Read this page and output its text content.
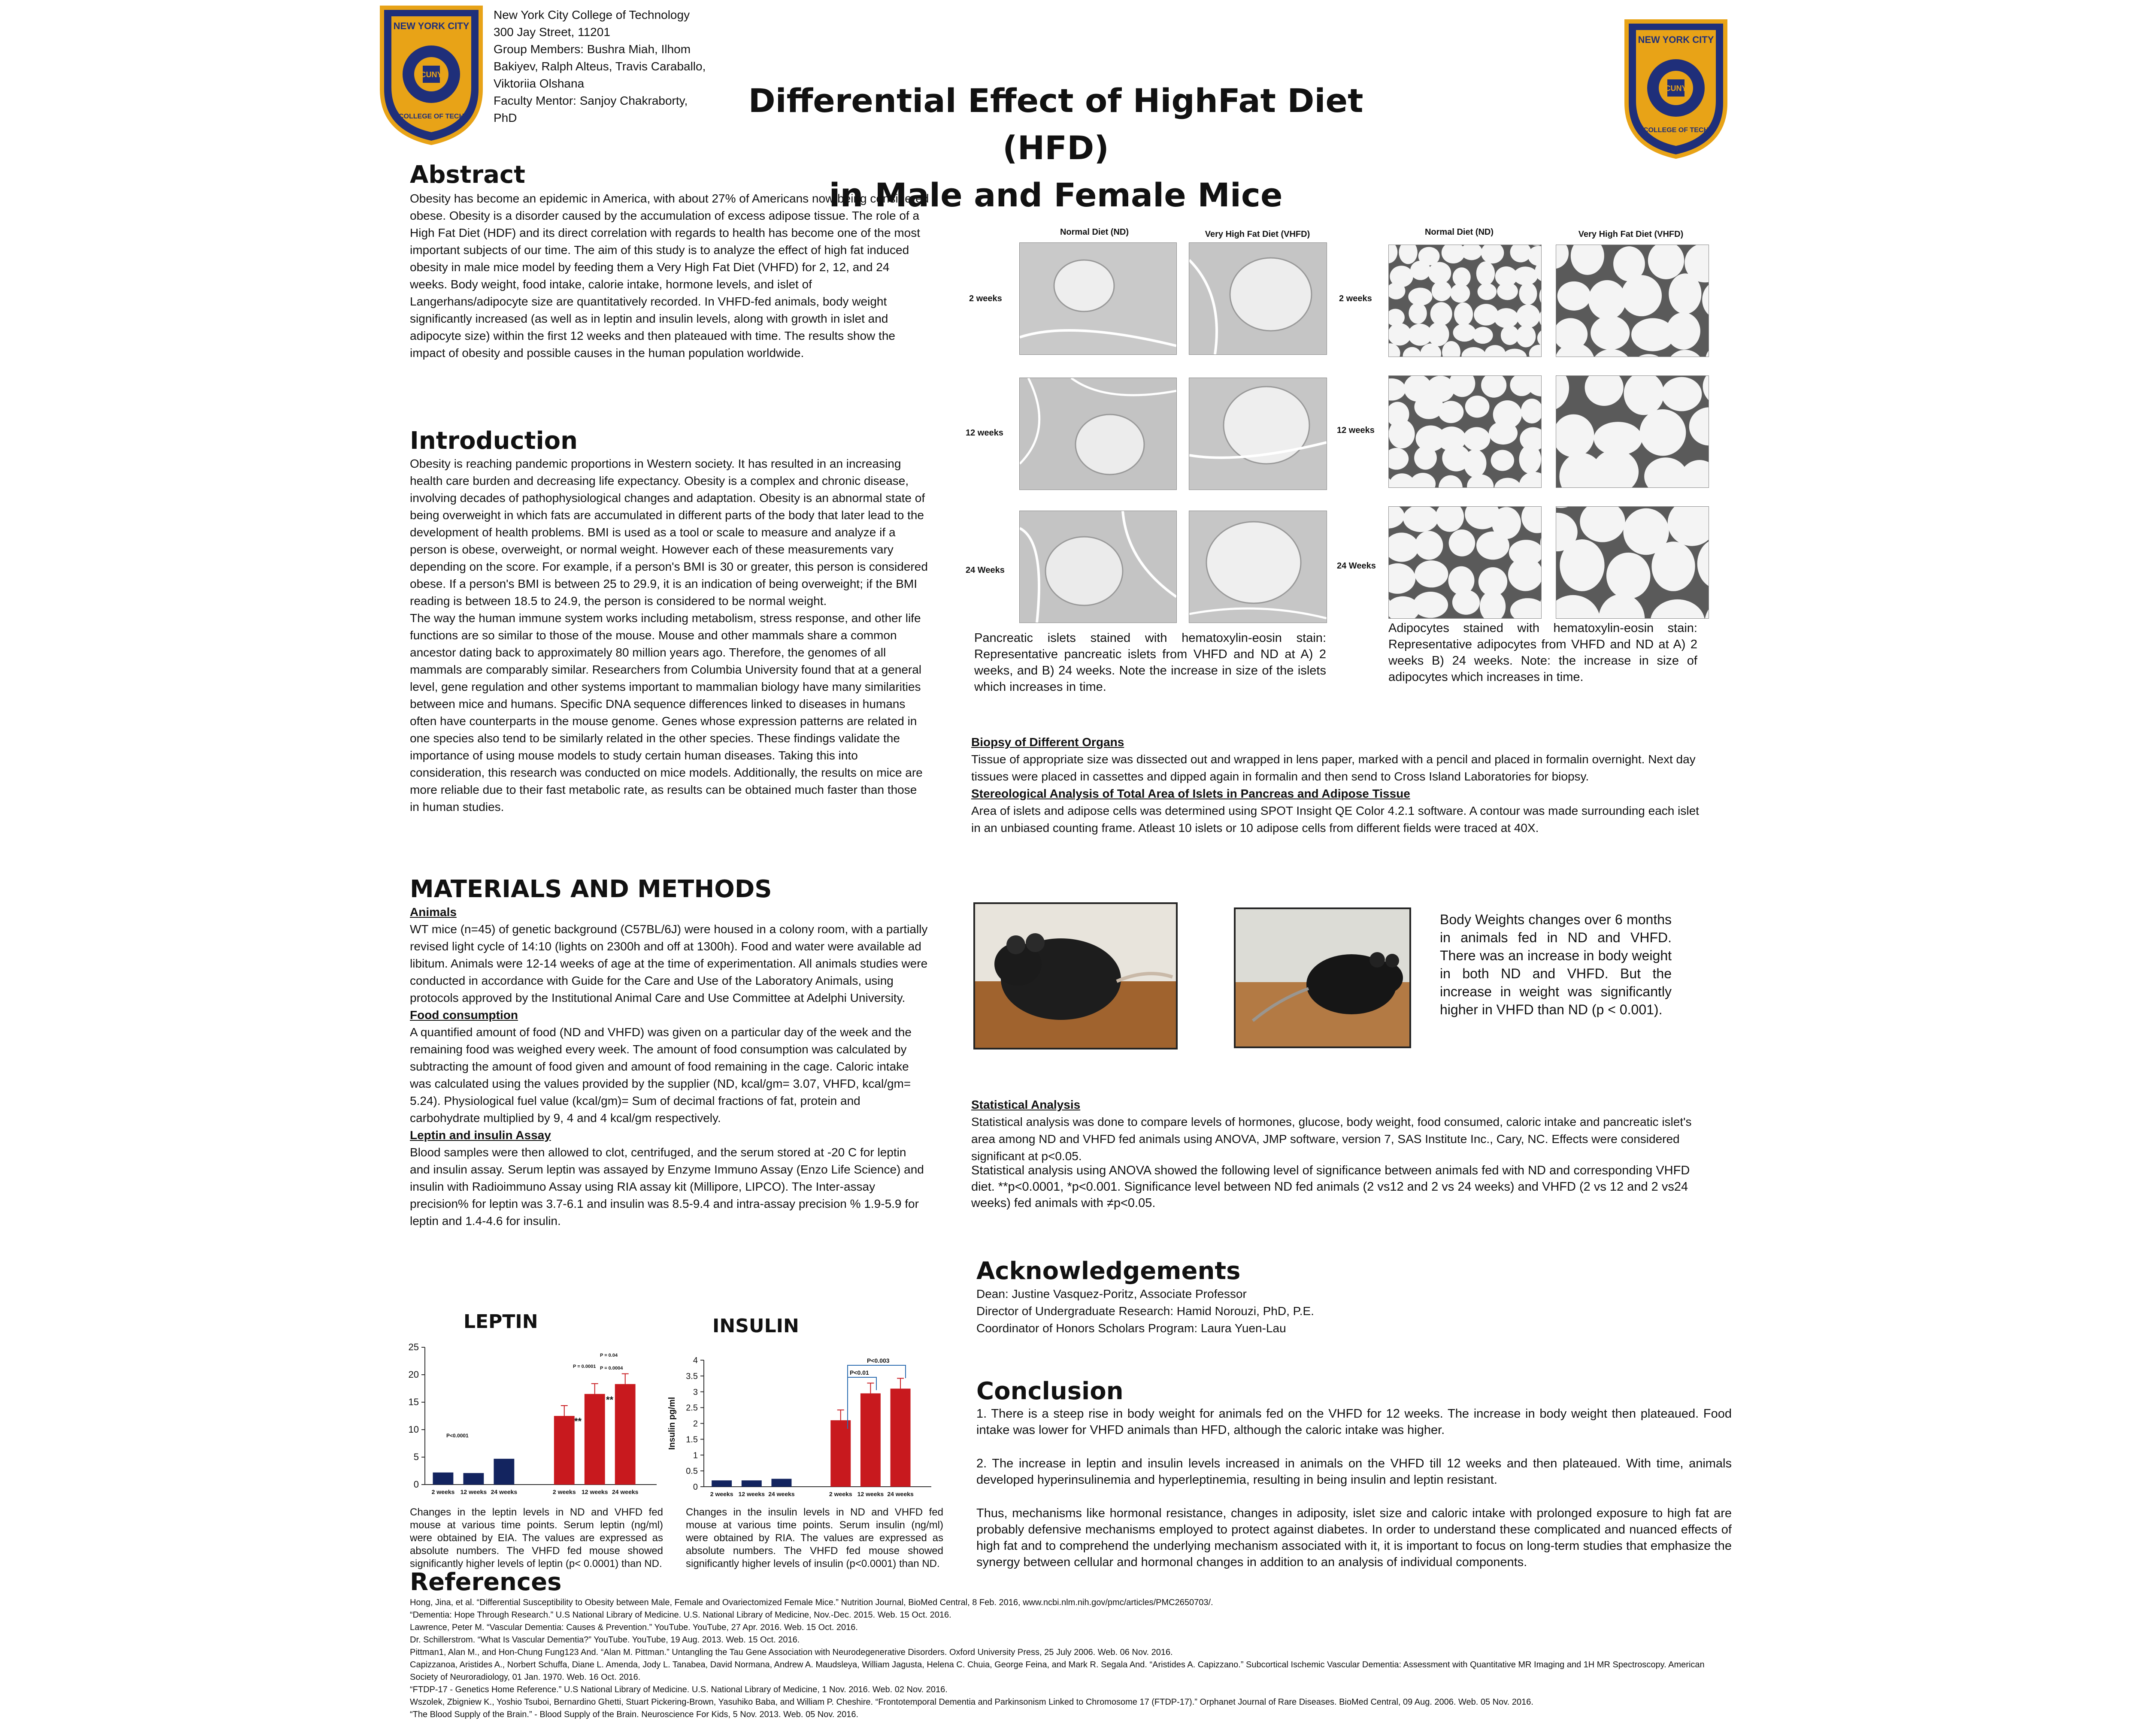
CUNY
NEW YORK CITY
COLLEGE OF TECH
New York City College of Technology
300 Jay Street, 11201
Group Members: Bushra Miah, Ilhom
Bakiyev, Ralph Alteus, Travis Caraballo,
Viktoriia Olshana
Faculty Mentor: Sanjoy Chakraborty, PhD	Differential Effect of HighFat Diet (HFD)
in Male and Female Mice
CUNY
NEW YORK CITY
COLLEGE OF TECH
Abstract
Obesity has become an epidemic in America, with about 27% of Americans now being considered obese. Obesity is a disorder caused by the accumulation of excess adipose tissue. The role of a High Fat Diet (HDF) and its direct correlation with regards to health has become one of the most important subjects of our time. The aim of this study is to analyze the effect of high fat induced obesity in male mice model by feeding them a Very High Fat Diet (VHFD) for 2, 12, and 24 weeks. Body weight, food intake, calorie intake, hormone levels, and islet of Langerhans/adipocyte size are quantitatively recorded. In VHFD-fed animals, body weight significantly increased (as well as in leptin and insulin levels, along with growth in islet and adipocyte size) within the first 12 weeks and then plateaued with time. The results show the impact of obesity and possible causes in the human population worldwide.
Introduction
Obesity is reaching pandemic proportions in Western society. It has resulted in an increasing health care burden and decreasing life expectancy. Obesity is a complex and chronic disease, involving decades of pathophysiological changes and adaptation. Obesity is an abnormal state of being overweight in which fats are accumulated in different parts of the body that later lead to the development of health problems. BMI is used as a tool or scale to measure and analyze if a person is obese, overweight, or normal weight. However each of these measurements vary depending on the score. For example, if a person's BMI is 30 or greater, this person is considered obese. If a person's BMI is between 25 to 29.9, it is an indication of being overweight; if the BMI reading is between 18.5 to 24.9, the person is considered to be normal weight.
The way the human immune system works including metabolism, stress response, and other life functions are so similar to those of the mouse. Mouse and other mammals share a common ancestor dating back to approximately 80 million years ago. Therefore, the genomes of all mammals are comparably similar. Researchers from Columbia University found that at a general level, gene regulation and other systems important to mammalian biology have many similarities between mice and humans. Specific DNA sequence differences linked to diseases in humans often have counterparts in the mouse genome. Genes whose expression patterns are related in one species also tend to be similarly related in the other species. These findings validate the importance of using mouse models to study certain human diseases. Taking this into consideration, this research was conducted on mice models. Additionally, the results on mice are more reliable due to their fast metabolic rate, as results can be obtained much faster than those in human studies.
MATERIALS AND METHODS
Animals
WT mice (n=45) of genetic background (C57BL/6J) were housed in a colony room, with a partially revised light cycle of 14:10 (lights on 2300h and off at 1300h). Food and water were available ad libitum. Animals were 12-14 weeks of age at the time of experimentation. All animals studies were conducted in accordance with Guide for the Care and Use of the Laboratory Animals, using protocols approved by the Institutional Animal Care and Use Committee at Adelphi University.
Food consumption
A quantified amount of food (ND and VHFD) was given on a particular day of the week and the remaining food was weighed every week. The amount of food consumption was calculated by subtracting the amount of food given and amount of food remaining in the cage. Caloric intake was calculated using the values provided by the supplier (ND, kcal/gm= 3.07, VHFD, kcal/gm= 5.24). Physiological fuel value (kcal/gm)= Sum of decimal fractions of fat, protein and carbohydrate multiplied by 9, 4 and 4 kcal/gm respectively.
Leptin and insulin Assay
Blood samples were then allowed to clot, centrifuged, and the serum stored at -20 C for leptin and insulin assay. Serum leptin was assayed by Enzyme Immuno Assay (Enzo Life Science) and insulin with Radioimmuno Assay using RIA assay kit (Millipore, LIPCO). The Inter-assay precision% for leptin was 3.7-6.1 and insulin was 8.5-9.4 and intra-assay precision % 1.9-5.9 for leptin and 1.4-4.6 for insulin.
LEPTIN	INSULIN
0
5
10
15
20
25
2 weeks 12 weeks 24 weeks	2 weeks 12 weeks 24 weeks
P<0.0001
**
**
P = 0.0001 P = 0.0004
P = 0.04
0
0.5
1
1.5
2
2.5
3
3.5
4
Insulin pg/ml
2 weeks 12 weeks 24 weeks	2 weeks 12 weeks 24 weeks
P<0.003
P<0.01
Changes in the leptin levels in ND and VHFD fed mouse at various time points. Serum leptin (ng/ml) were obtained by EIA. The values are expressed as absolute numbers. The VHFD fed mouse showed significantly higher levels of leptin (p< 0.0001) than ND.
Changes in the insulin levels in ND and VHFD fed mouse at various time points. Serum insulin (ng/ml) were obtained by RIA. The values are expressed as absolute numbers. The VHFD fed mouse showed significantly higher levels of insulin (p<0.0001) than ND.
References
Hong, Jina, et al. “Differential Susceptibility to Obesity between Male, Female and Ovariectomized Female Mice.” Nutrition Journal, BioMed Central, 8 Feb. 2016, www.ncbi.nlm.nih.gov/pmc/articles/PMC2650703/.
“Dementia: Hope Through Research.” U.S National Library of Medicine. U.S. National Library of Medicine, Nov.-Dec. 2015. Web. 15 Oct. 2016.
Lawrence, Peter M. “Vascular Dementia: Causes & Prevention.” YouTube. YouTube, 27 Apr. 2016. Web. 15 Oct. 2016.
Dr. Schillerstrom. “What Is Vascular Dementia?” YouTube. YouTube, 19 Aug. 2013. Web. 15 Oct. 2016.
Pittman1, Alan M., and Hon-Chung Fung123 And. “Alan M. Pittman.” Untangling the Tau Gene Association with Neurodegenerative Disorders. Oxford University Press, 25 July 2006. Web. 06 Nov. 2016.
Capizzanoa, Aristides A., Norbert Schuffa, Diane L. Amenda, Jody L. Tanabea, David Normana, Andrew A. Maudsleya, William Jagusta, Helena C. Chuia, George Feina, and Mark R. Segala And. “Aristides A. Capizzano.” Subcortical Ischemic Vascular Dementia: Assessment with Quantitative MR Imaging and 1H MR Spectroscopy. American Society of Neuroradiology, 01 Jan. 1970. Web. 16 Oct. 2016.
“FTDP-17 - Genetics Home Reference.” U.S National Library of Medicine. U.S. National Library of Medicine, 1 Nov. 2016. Web. 02 Nov. 2016.
Wszolek, Zbigniew K., Yoshio Tsuboi, Bernardino Ghetti, Stuart Pickering-Brown, Yasuhiko Baba, and William P. Cheshire. “Frontotemporal Dementia and Parkinsonism Linked to Chromosome 17 (FTDP-17).” Orphanet Journal of Rare Diseases. BioMed Central, 09 Aug. 2006. Web. 05 Nov. 2016.
“The Blood Supply of the Brain.” - Blood Supply of the Brain. Neuroscience For Kids, 5 Nov. 2013. Web. 05 Nov. 2016.
Normal Diet (ND)	Very High Fat Diet (VHFD)	Normal Diet (ND)	Very High Fat Diet (VHFD)
2 weeks
12 weeks
24 Weeks
2 weeks
12 weeks
24 Weeks
Pancreatic islets stained with hematoxylin-eosin stain: Representative pancreatic islets from VHFD and ND at A) 2 weeks, and B) 24 weeks. Note the increase in size of the islets which increases in time.
Adipocytes stained with hematoxylin-eosin stain: Representative adipocytes from VHFD and ND at A) 2 weeks B) 24 weeks. Note: the increase in size of adipocytes which increases in time.
Biopsy of Different Organs
Tissue of appropriate size was dissected out and wrapped in lens paper, marked with a pencil and placed in formalin overnight. Next day tissues were placed in cassettes and dipped again in formalin and then send to Cross Island Laboratories for biopsy.
Stereological Analysis of Total Area of Islets in Pancreas and Adipose Tissue
Area of islets and adipose cells was determined using SPOT Insight QE Color 4.2.1 software. A contour was made surrounding each islet in an unbiased counting frame. Atleast 10 islets or 10 adipose cells from different fields were traced at 40X.
Body Weights changes over 6 months in animals fed in ND and VHFD. There was an increase in body weight in both ND and VHFD. But the increase in weight was significantly higher in VHFD than ND (p < 0.001).
Statistical Analysis
Statistical analysis was done to compare levels of hormones, glucose, body weight, food consumed, caloric intake and pancreatic islet's area among ND and VHFD fed animals using ANOVA, JMP software, version 7, SAS Institute Inc., Cary, NC. Effects were considered significant at p<0.05.
Statistical analysis using ANOVA showed the following level of significance between animals fed with ND and corresponding VHFD diet. **p<0.0001, *p<0.001. Significance level between ND fed animals (2 vs12 and 2 vs 24 weeks) and VHFD (2 vs 12 and 2 vs24 weeks) fed animals with ≠p<0.05.
Acknowledgements
Dean: Justine Vasquez-Poritz, Associate Professor
Director of Undergraduate Research: Hamid Norouzi, PhD, P.E.
Coordinator of Honors Scholars Program: Laura Yuen-Lau
Conclusion
1. There is a steep rise in body weight for animals fed on the VHFD for 12 weeks. The increase in body weight then plateaued. Food intake was lower for VHFD animals than HFD, although the caloric intake was higher.
2. The increase in leptin and insulin levels increased in animals on the VHFD till 12 weeks and then plateaued. With time, animals developed hyperinsulinemia and hyperleptinemia, resulting in being insulin and leptin resistant.
Thus, mechanisms like hormonal resistance, changes in adiposity, islet size and caloric intake with prolonged exposure to high fat are probably defensive mechanisms employed to protect against diabetes. In order to understand these complicated and nuanced effects of high fat and to comprehend the underlying mechanism associated with it, it is important to focus on long-term studies that emphasize the synergy between cellular and hormonal changes in addition to an analysis of individual components.
